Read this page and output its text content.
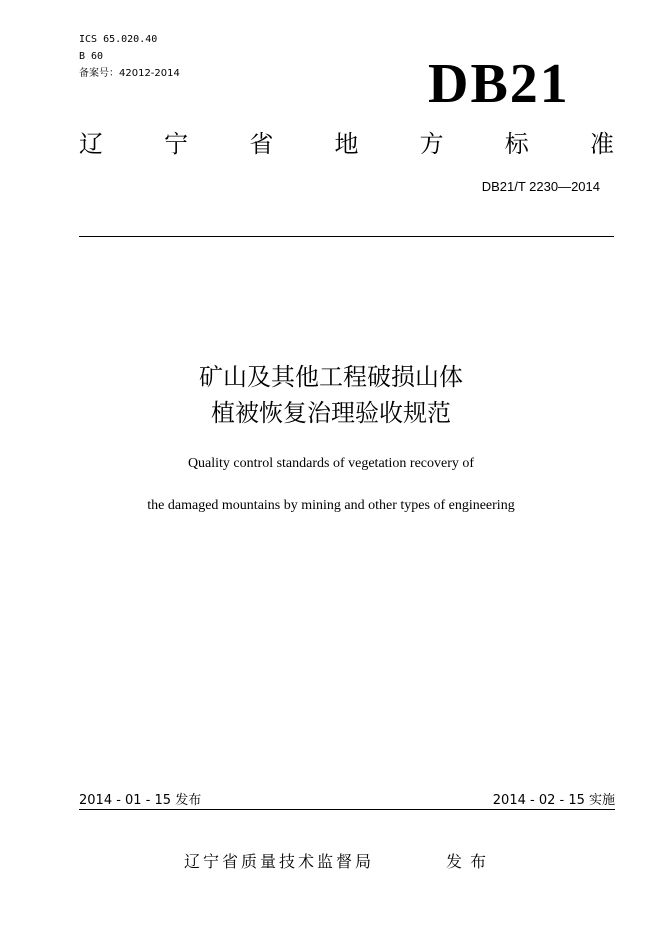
ICS 65.020.40
B 60
备案号：42012-2014	DB21
辽	宁	省	地	方	标	准
DB21/T 2230—2014
矿山及其他工程破损山体
植被恢复治理验收规范
Quality control standards of vegetation recovery of
the damaged mountains by mining and other types of engineering
2014 - 01 - 15 发布	2014 - 02 - 15 实施
辽宁省质量技术监督局	发布
